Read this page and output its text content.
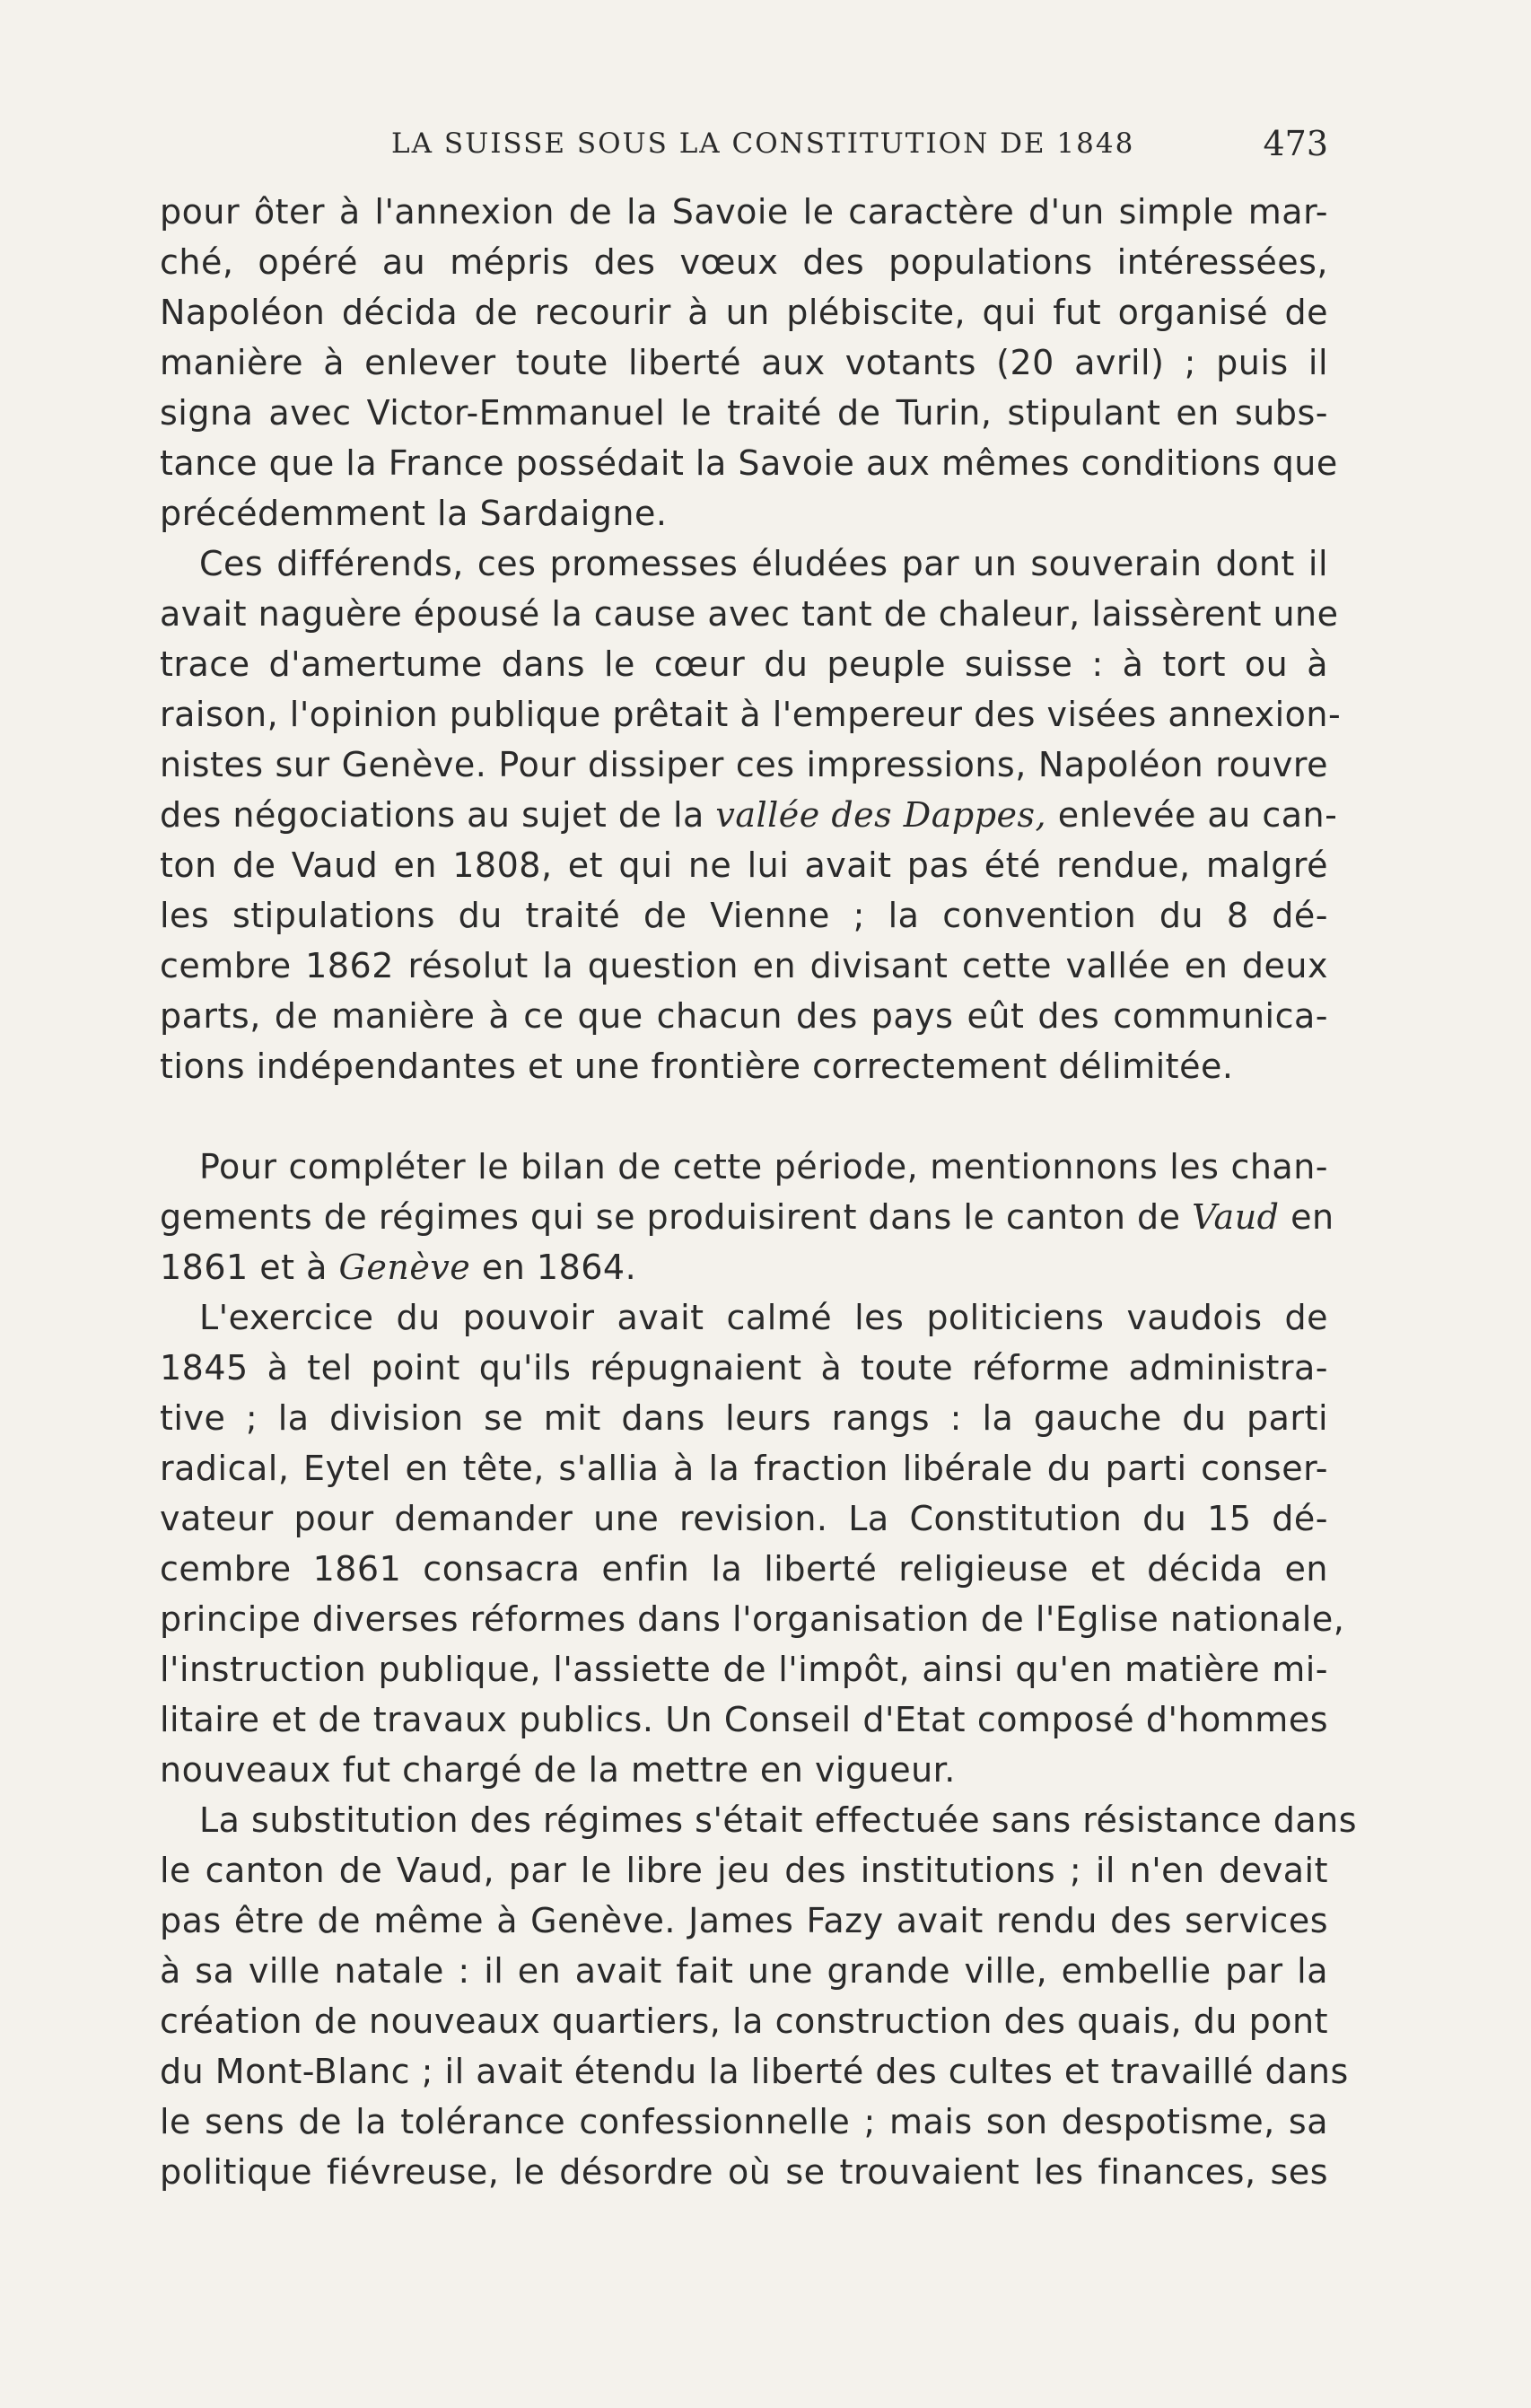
LA SUISSE SOUS LA CONSTITUTION DE 1848	473
pour ôter à l'annexion de la Savoie le caractère d'un simple mar-
ché, opéré au mépris des vœux des populations intéressées,
Napoléon décida de recourir à un plébiscite, qui fut organisé de
manière à enlever toute liberté aux votants (20 avril) ; puis il
signa avec Victor-Emmanuel le traité de Turin, stipulant en subs-
tance que la France possédait la Savoie aux mêmes conditions que
précédemment la Sardaigne.
Ces différends, ces promesses éludées par un souverain dont il
avait naguère épousé la cause avec tant de chaleur, laissèrent une
trace d'amertume dans le cœur du peuple suisse : à tort ou à
raison, l'opinion publique prêtait à l'empereur des visées annexion-
nistes sur Genève. Pour dissiper ces impressions, Napoléon rouvre
des négociations au sujet de la vallée des Dappes, enlevée au can-
ton de Vaud en 1808, et qui ne lui avait pas été rendue, malgré
les stipulations du traité de Vienne ; la convention du 8 dé-
cembre 1862 résolut la question en divisant cette vallée en deux
parts, de manière à ce que chacun des pays eût des communica-
tions indépendantes et une frontière correctement délimitée.
Pour compléter le bilan de cette période, mentionnons les chan-
gements de régimes qui se produisirent dans le canton de Vaud en
1861 et à Genève en 1864.
L'exercice du pouvoir avait calmé les politiciens vaudois de
1845 à tel point qu'ils répugnaient à toute réforme administra-
tive ; la division se mit dans leurs rangs : la gauche du parti
radical, Eytel en tête, s'allia à la fraction libérale du parti conser-
vateur pour demander une revision. La Constitution du 15 dé-
cembre 1861 consacra enfin la liberté religieuse et décida en
principe diverses réformes dans l'organisation de l'Eglise nationale,
l'instruction publique, l'assiette de l'impôt, ainsi qu'en matière mi-
litaire et de travaux publics. Un Conseil d'Etat composé d'hommes
nouveaux fut chargé de la mettre en vigueur.
La substitution des régimes s'était effectuée sans résistance dans
le canton de Vaud, par le libre jeu des institutions ; il n'en devait
pas être de même à Genève. James Fazy avait rendu des services
à sa ville natale : il en avait fait une grande ville, embellie par la
création de nouveaux quartiers, la construction des quais, du pont
du Mont-Blanc ; il avait étendu la liberté des cultes et travaillé dans
le sens de la tolérance confessionnelle ; mais son despotisme, sa
politique fiévreuse, le désordre où se trouvaient les finances, ses
